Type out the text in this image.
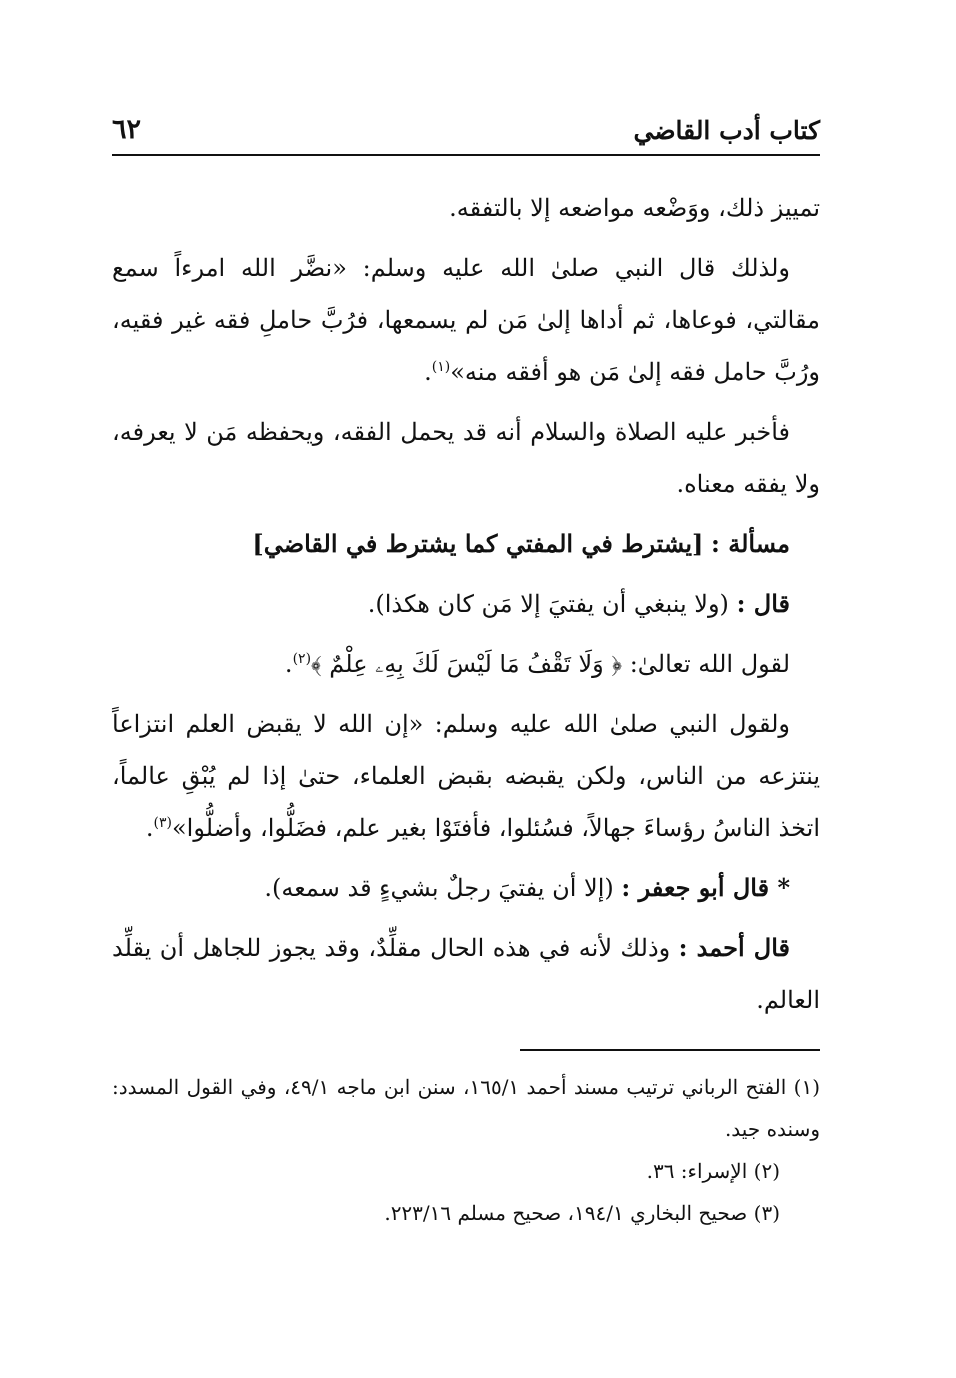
كتاب أدب القاضي
٦٢

تمييز ذلك، ووَضْعه مواضعه إلا بالتفقه.

ولذلك قال النبي صلىٰ الله عليه وسلم: «نضَّر الله امرءاً سمع مقالتي، فوعاها، ثم أداها إلىٰ مَن لم يسمعها، فرُبَّ حاملِ فقه غير فقيه، ورُبَّ حامل فقه إلىٰ مَن هو أفقه منه»$^{(١)}$.

فأخبر عليه الصلاة والسلام أنه قد يحمل الفقه، ويحفظه مَن لا يعرفه، ولا يفقه معناه.

مسألة : [يشترط في المفتي كما يشترط في القاضي]

قال : (ولا ينبغي أن يفتيَ إلا مَن كان هكذا).

لقول الله تعالىٰ: ﴿ وَلَا تَقْفُ مَا لَيْسَ لَكَ بِهِۦ عِلْمٌ ﴾$^{(٢)}$.

ولقول النبي صلىٰ الله عليه وسلم: «إن الله لا يقبض العلم انتزاعاً ينتزعه من الناس، ولكن يقبضه بقبض العلماء، حتىٰ إذا لم يُبْقِ عالماً، اتخذ الناسُ رؤساءَ جهالاً، فسُئلوا، فأفتَوْا بغير علم، فضَلُّوا، وأضلُّوا»$^{(٣)}$.

* قال أبو جعفر : (إلا أن يفتيَ رجلٌ بشيءٍ قد سمعه).

قال أحمد : وذلك لأنه في هذه الحال مقلِّدٌ، وقد يجوز للجاهل أن يقلِّد العالم.

(١) الفتح الرباني ترتيب مسند أحمد ١٦٥/١، سنن ابن ماجه ٤٩/١، وفي القول المسدد: وسنده جيد.

(٢) الإسراء: ٣٦.

(٣) صحيح البخاري ١٩٤/١، صحيح مسلم ٢٢٣/١٦.
